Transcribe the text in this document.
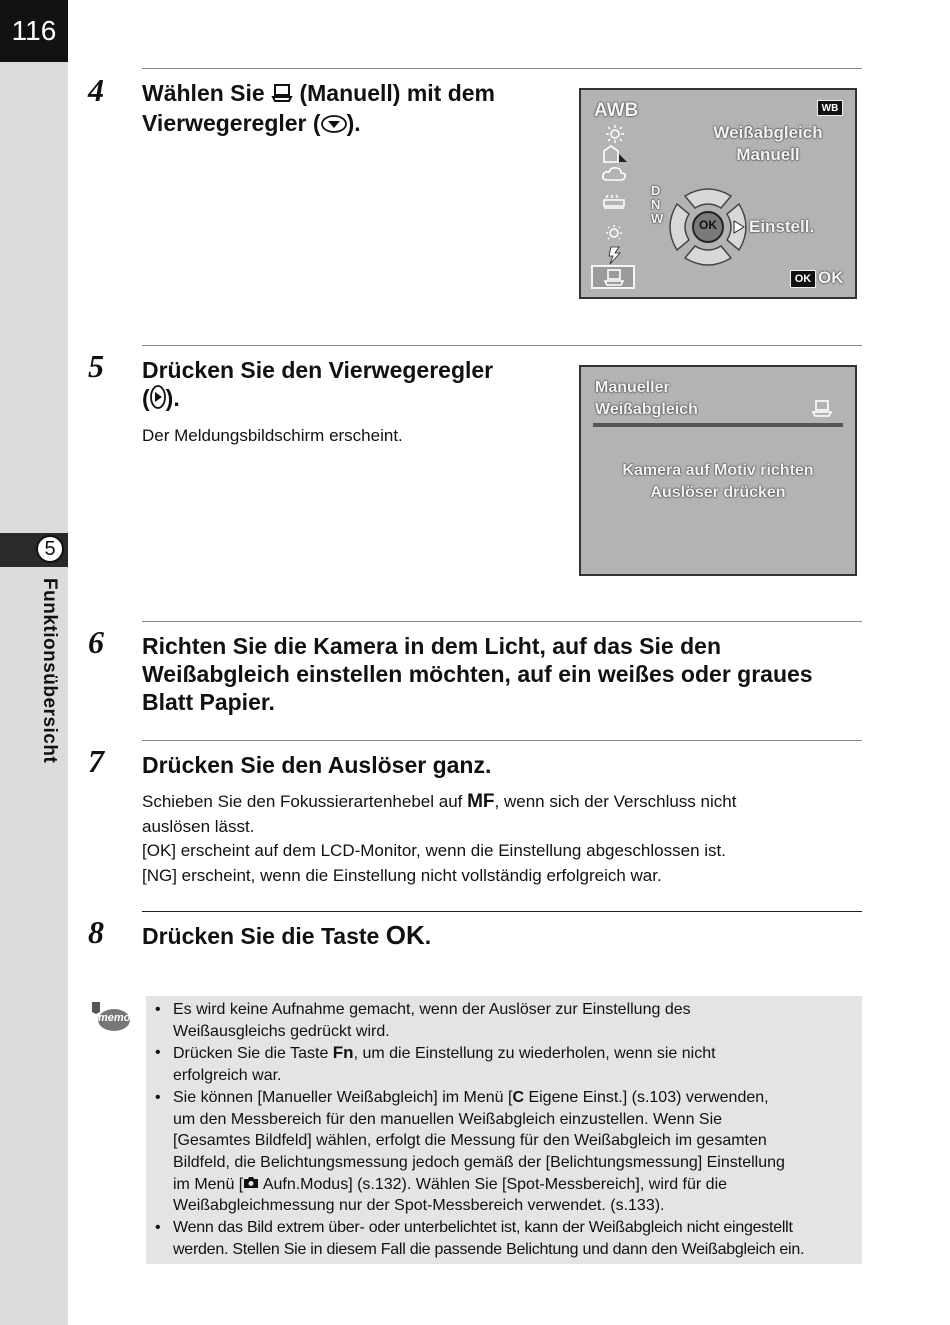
116
5
Funktionsübersicht
4 Wählen Sie  (Manuell) mit dem
Vierwegeregler ( ).	AWB	WB
Weißabgleich
Manuell
D
N
W	OK Einstell.
OK OK
5 Drücken Sie den Vierwegeregler
( ).
Der Meldungsbildschirm erscheint.
Manueller
Weißabgleich
Kamera auf Motiv richten
Auslöser drücken
6 Richten Sie die Kamera in dem Licht, auf das Sie den
Weißabgleich einstellen möchten, auf ein weißes oder graues
Blatt Papier.
7 Drücken Sie den Auslöser ganz.
Schieben Sie den Fokussierartenhebel auf MF, wenn sich der Verschluss nicht
auslösen lässt.
[OK] erscheint auf dem LCD-Monitor, wenn die Einstellung abgeschlossen ist.
[NG] erscheint, wenn die Einstellung nicht vollständig erfolgreich war.
8 Drücken Sie die Taste OK.
memo
•	Es wird keine Aufnahme gemacht, wenn der Auslöser zur Einstellung des
Weißausgleichs gedrückt wird.
• Drücken Sie die Taste Fn, um die Einstellung zu wiederholen, wenn sie nicht
erfolgreich war.
• Sie können [Manueller Weißabgleich] im Menü [C Eigene Einst.] (s.103) verwenden,
um den Messbereich für den manuellen Weißabgleich einzustellen. Wenn Sie
[Gesamtes Bildfeld] wählen, erfolgt die Messung für den Weißabgleich im gesamten
Bildfeld, die Belichtungsmessung jedoch gemäß der [Belichtungsmessung] Einstellung
im Menü [ Aufn.Modus] (s.132). Wählen Sie [Spot-Messbereich], wird für die
Weißabgleichmessung nur der Spot-Messbereich verwendet. (s.133).
• Wenn das Bild extrem über- oder unterbelichtet ist, kann der Weißabgleich nicht eingestellt
werden. Stellen Sie in diesem Fall die passende Belichtung und dann den Weißabgleich ein.
